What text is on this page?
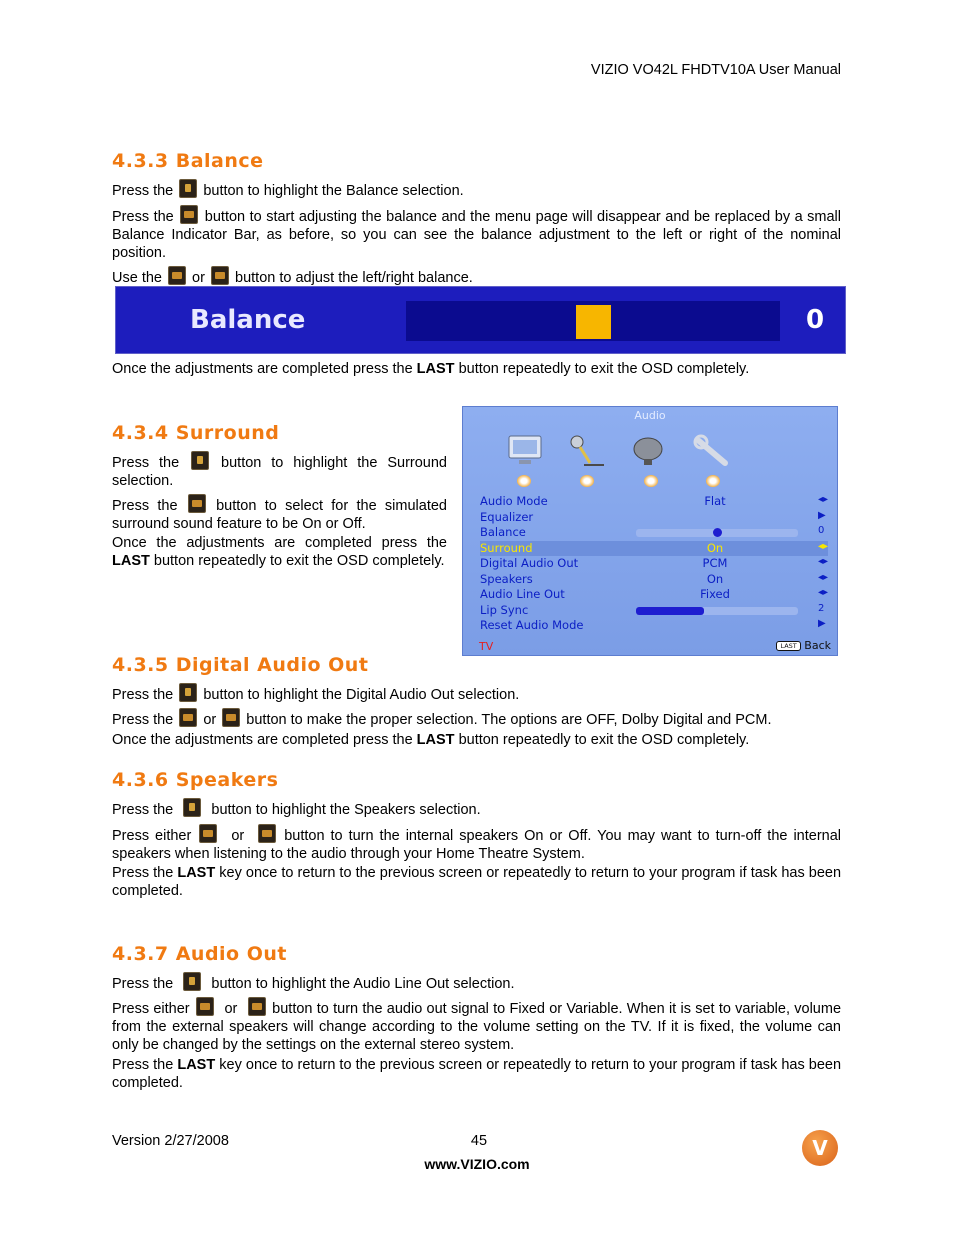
VIZIO VO42L FHDTV10A User Manual
4.3.3 Balance
Press the button to highlight the Balance selection.
Press the button to start adjusting the balance and the menu page will disappear and be replaced by a small Balance Indicator Bar, as before, so you can see the balance adjustment to the left or right of the nominal position.
Use the or button to adjust the left/right balance.
Balance	0
Once the adjustments are completed press the LAST button repeatedly to exit the OSD completely.
4.3.4 Surround
Press the	button to highlight the Surround selection.
Press the	button to select for the simulated surround sound feature to be On or Off.
Once the adjustments are completed press the LAST button repeatedly to exit the OSD completely.
Audio
Audio Mode	Flat	◂▸
Equalizer	▶
Balance	0
Surround	On	◂▸
Digital Audio Out	PCM	◂▸
Speakers	On	◂▸
Audio Line Out	Fixed	◂▸
Lip Sync	2
Reset Audio Mode	▶
TV	LAST Back
4.3.5 Digital Audio Out
Press the button to highlight the Digital Audio Out selection.
Press the or button to make the proper selection. The options are OFF, Dolby Digital and PCM.
Once the adjustments are completed press the LAST button repeatedly to exit the OSD completely.
4.3.6 Speakers
Press the	button to highlight the Speakers selection.
Press either	or	button to turn the internal speakers On or Off. You may want to turn-off the internal speakers when listening to the audio through your Home Theatre System.
Press the LAST key once to return to the previous screen or repeatedly to return to your program if task has been completed.
4.3.7 Audio Out
Press the	button to highlight the Audio Line Out selection.
Press either or button to turn the audio out signal to Fixed or Variable. When it is set to variable, volume from the external speakers will change according to the volume setting on the TV. If it is fixed, the volume can only be changed by the settings on the external stereo system.
Press the LAST key once to return to the previous screen or repeatedly to return to your program if task has been completed.
Version 2/27/2008	45
www.VIZIO.com
V
